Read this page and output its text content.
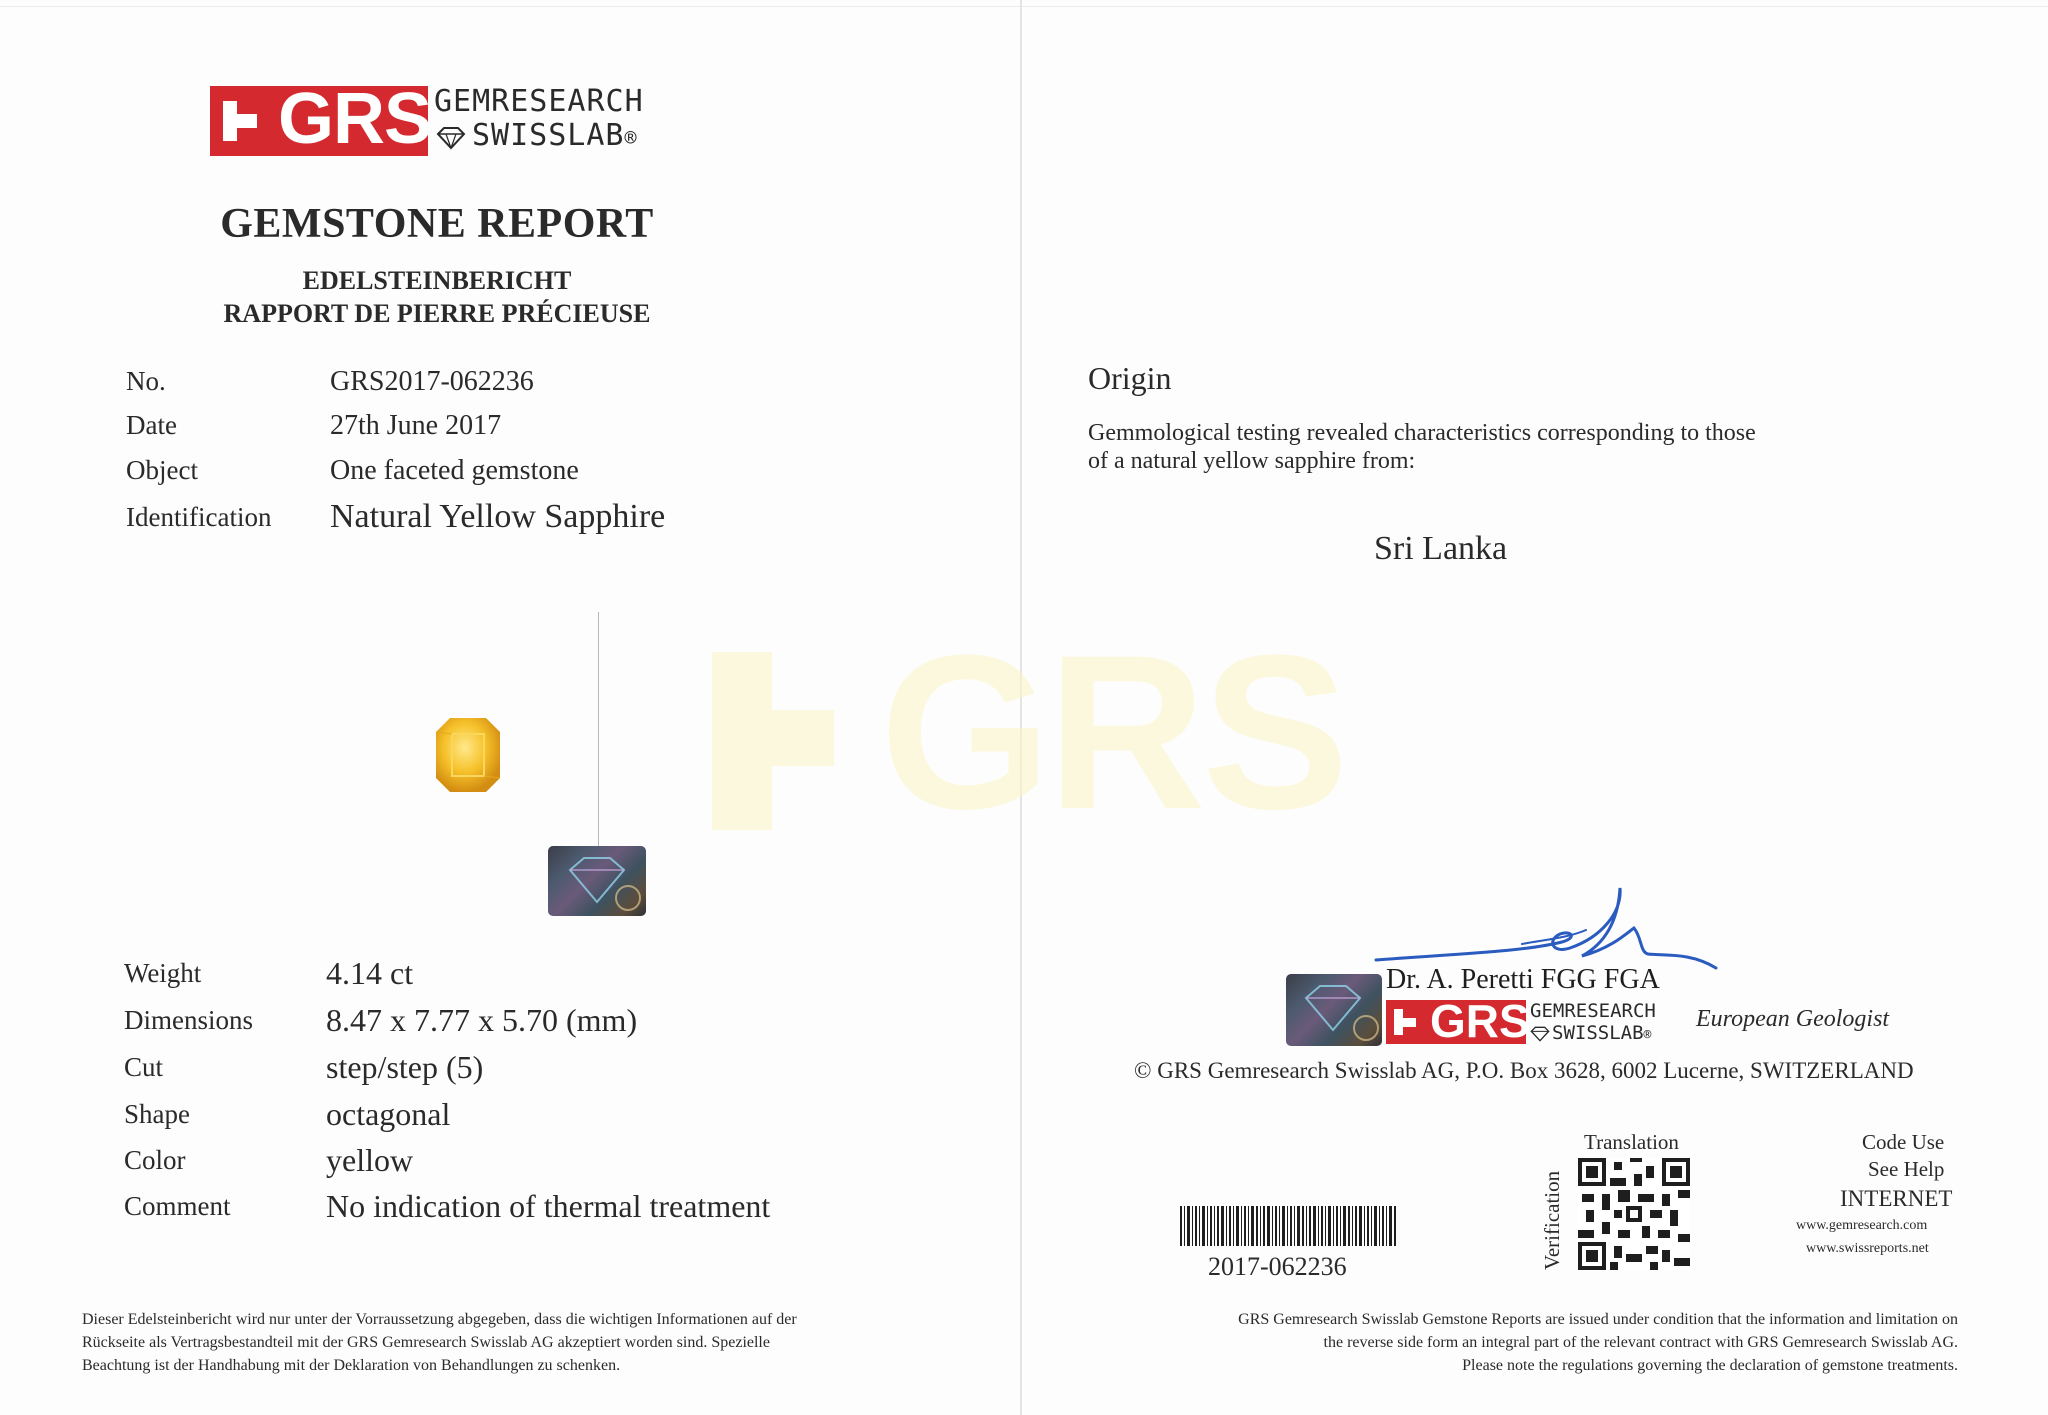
GRS
GRS GEMRESEARCH
SWISSLAB®
GEMSTONE REPORT
EDELSTEINBERICHT
RAPPORT DE PIERRE PRÉCIEUSE
No.	GRS2017-062236
Date	27th June 2017
Object	One faceted gemstone
Identification Natural Yellow Sapphire
Weight	4.14 ct
Dimensions 8.47 x 7.77 x 5.70 (mm)
Cut	step/step (5)
Shape	octagonal
Color	yellow
Comment	No indication of thermal treatment
Dieser Edelsteinbericht wird nur unter der Vorraussetzung abgegeben, dass die wichtigen Informationen auf der
Rückseite als Vertragsbestandteil mit der GRS Gemresearch Swisslab AG akzeptiert worden sind. Spezielle
Beachtung ist der Handhabung mit der Deklaration von Behandlungen zu schenken.
Origin
Gemmological testing revealed characteristics corresponding to those
of a natural yellow sapphire from:
Sri Lanka
Dr. A. Peretti FGG FGA
GRS GEMRESEARCH
SWISSLAB®
European Geologist
© GRS Gemresearch Swisslab AG, P.O. Box 3628, 6002 Lucerne, SWITZERLAND
Translation
Verification
Code Use
See Help
INTERNET
www.gemresearch.com
www.swissreports.net
2017-062236
GRS Gemresearch Swisslab Gemstone Reports are issued under condition that the information and limitation on
the reverse side form an integral part of the relevant contract with GRS Gemresearch Swisslab AG.
Please note the regulations governing the declaration of gemstone treatments.
